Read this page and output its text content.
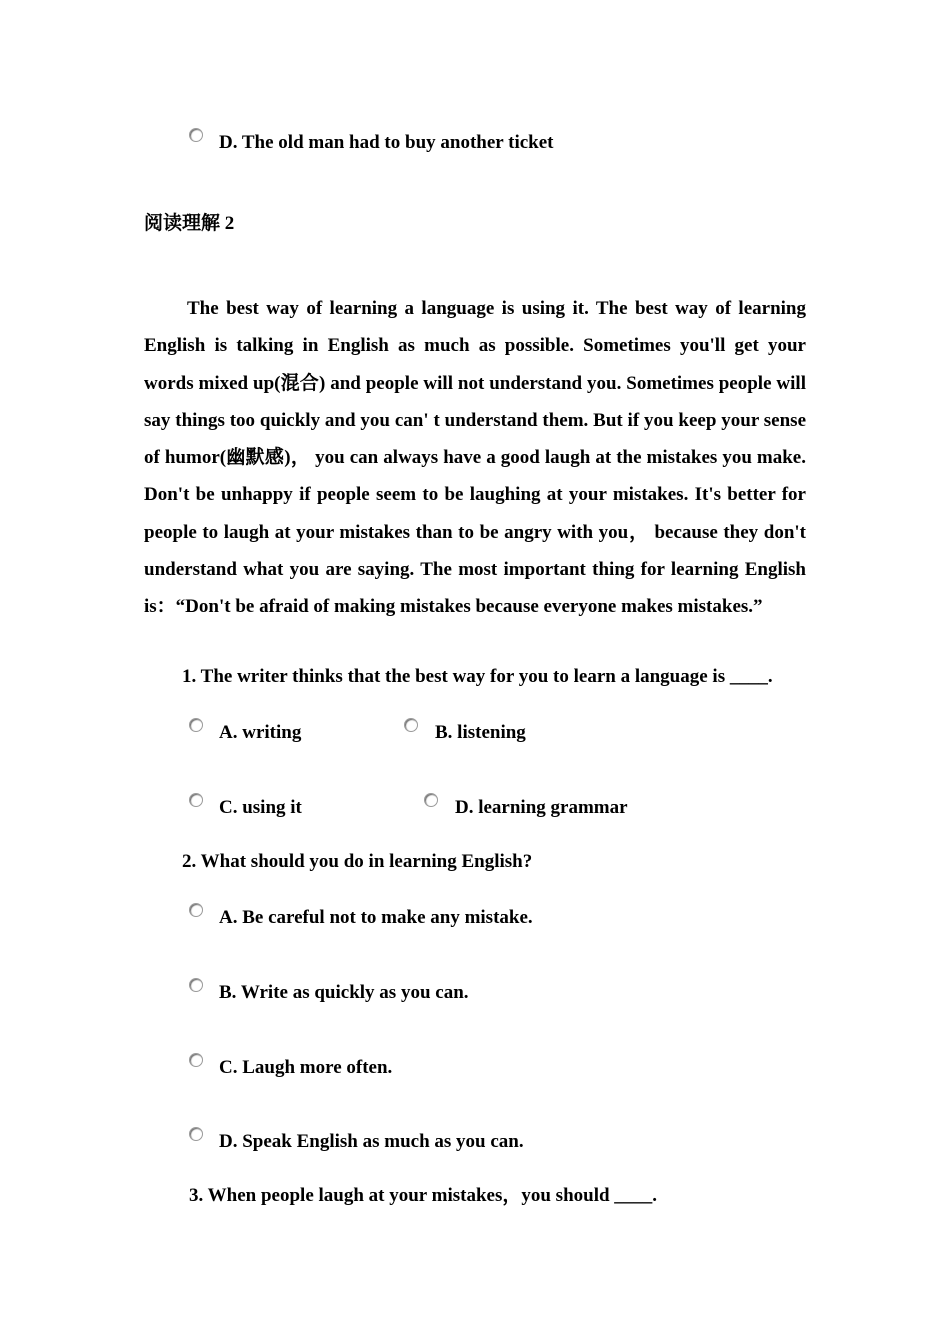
D. The old man had to buy another ticket
阅读理解 2

The best way of learning a language is using it. The best way of learning English is talking in English as much as possible. Sometimes you'll get your words mixed up(混合) and people will not understand you. Sometimes people will say things too quickly and you can' t understand them. But if you keep your sense of humor(幽默感)， you can always have a good laugh at the mistakes you make. Don't be unhappy if people seem to be laughing at your mistakes. It's better for people to laugh at your mistakes than to be angry with you， because they don't understand what you are saying. The most important thing for learning English is：“Don't be afraid of making mistakes because everyone makes mistakes.”

1. The writer thinks that the best way for you to learn a language is ____.
A. writing	B. listening
C. using it	D. learning grammar
2. What should you do in learning English?
A. Be careful not to make any mistake.
B. Write as quickly as you can.
C. Laugh more often.
D. Speak English as much as you can.
3. When people laugh at your mistakes，you should ____.
